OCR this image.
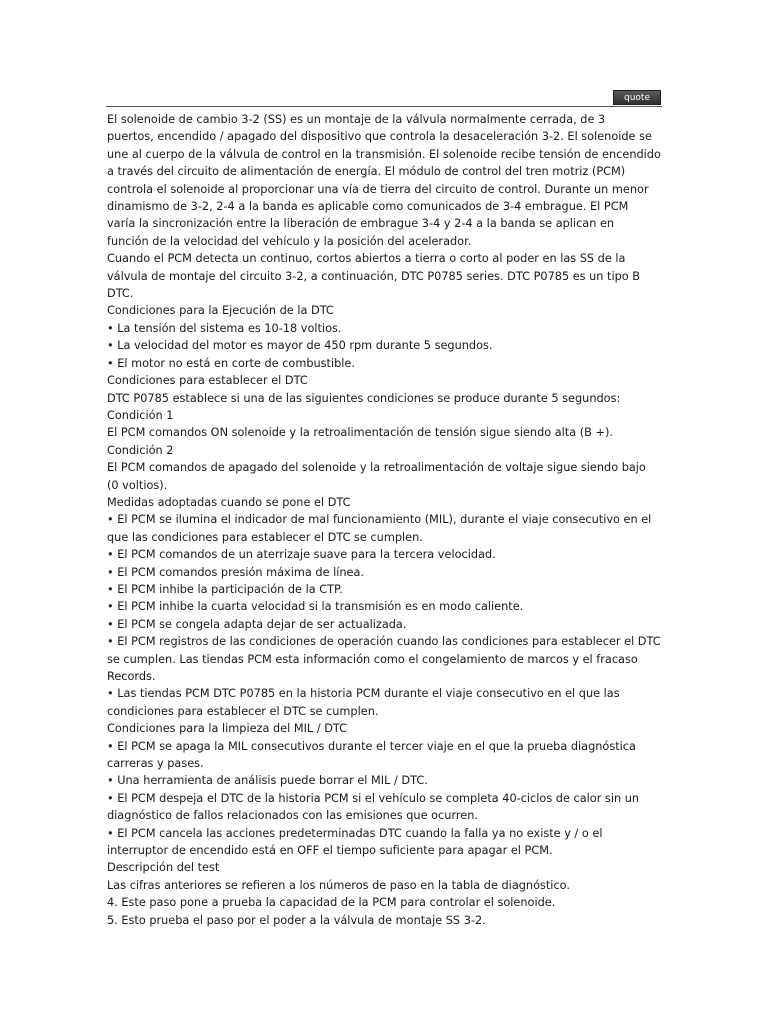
quote
El solenoide de cambio 3-2 (SS) es un montaje de la válvula normalmente cerrada, de 3
puertos, encendido / apagado del dispositivo que controla la desaceleración 3-2. El solenoide se
une al cuerpo de la válvula de control en la transmisión. El solenoide recibe tensión de encendido
a través del circuito de alimentación de energía. El módulo de control del tren motriz (PCM)
controla el solenoide al proporcionar una vía de tierra del circuito de control. Durante un menor
dinamismo de 3-2, 2-4 a la banda es aplicable como comunicados de 3-4 embrague. El PCM
varía la sincronización entre la liberación de embrague 3-4 y 2-4 a la banda se aplican en
función de la velocidad del vehículo y la posición del acelerador.
Cuando el PCM detecta un continuo, cortos abiertos a tierra o corto al poder en las SS de la
válvula de montaje del circuito 3-2, a continuación, DTC P0785 series. DTC P0785 es un tipo B
DTC.
Condiciones para la Ejecución de la DTC
• La tensión del sistema es 10-18 voltios.
• La velocidad del motor es mayor de 450 rpm durante 5 segundos.
• El motor no está en corte de combustible.
Condiciones para establecer el DTC
DTC P0785 establece si una de las siguientes condiciones se produce durante 5 segundos:
Condición 1
El PCM comandos ON solenoide y la retroalimentación de tensión sigue siendo alta (B +).
Condición 2
El PCM comandos de apagado del solenoide y la retroalimentación de voltaje sigue siendo bajo
(0 voltios).
Medidas adoptadas cuando se pone el DTC
• El PCM se ilumina el indicador de mal funcionamiento (MIL), durante el viaje consecutivo en el
que las condiciones para establecer el DTC se cumplen.
• El PCM comandos de un aterrizaje suave para la tercera velocidad.
• El PCM comandos presión máxima de línea.
• El PCM inhibe la participación de la CTP.
• El PCM inhibe la cuarta velocidad si la transmisión es en modo caliente.
• El PCM se congela adapta dejar de ser actualizada.
• El PCM registros de las condiciones de operación cuando las condiciones para establecer el DTC
se cumplen. Las tiendas PCM esta información como el congelamiento de marcos y el fracaso
Records.
• Las tiendas PCM DTC P0785 en la historia PCM durante el viaje consecutivo en el que las
condiciones para establecer el DTC se cumplen.
Condiciones para la limpieza del MIL / DTC
• El PCM se apaga la MIL consecutivos durante el tercer viaje en el que la prueba diagnóstica
carreras y pases.
• Una herramienta de análisis puede borrar el MIL / DTC.
• El PCM despeja el DTC de la historia PCM si el vehículo se completa 40-ciclos de calor sin un
diagnóstico de fallos relacionados con las emisiones que ocurren.
• El PCM cancela las acciones predeterminadas DTC cuando la falla ya no existe y / o el
interruptor de encendido está en OFF el tiempo suficiente para apagar el PCM.
Descripción del test
Las cifras anteriores se refieren a los números de paso en la tabla de diagnóstico.
4. Este paso pone a prueba la capacidad de la PCM para controlar el solenoide.
5. Esto prueba el paso por el poder a la válvula de montaje SS 3-2.
